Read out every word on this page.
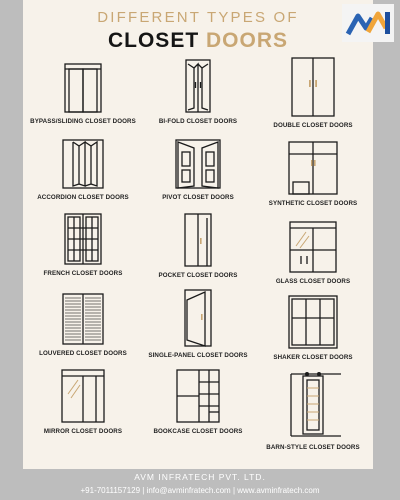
DIFFERENT TYPES OF
CLOSET DOORS
BYPASS/SLIDING CLOSET DOORS	BI-FOLD CLOSET DOORS
DOUBLE CLOSET DOORS
ACCORDION CLOSET DOORS	PIVOT CLOSET DOORS
SYNTHETIC CLOSET DOORS
FRENCH CLOSET DOORS	POCKET CLOSET DOORS
GLASS CLOSET DOORS
LOUVERED CLOSET DOORS	SINGLE-PANEL CLOSET DOORS	SHAKER CLOSET DOORS
MIRROR CLOSET DOORS	BOOKCASE CLOSET DOORS
BARN-STYLE CLOSET DOORS
AVM INFRATECH PVT. LTD.
+91-7011157129 | info@avminfratech.com | www.avminfratech.com
